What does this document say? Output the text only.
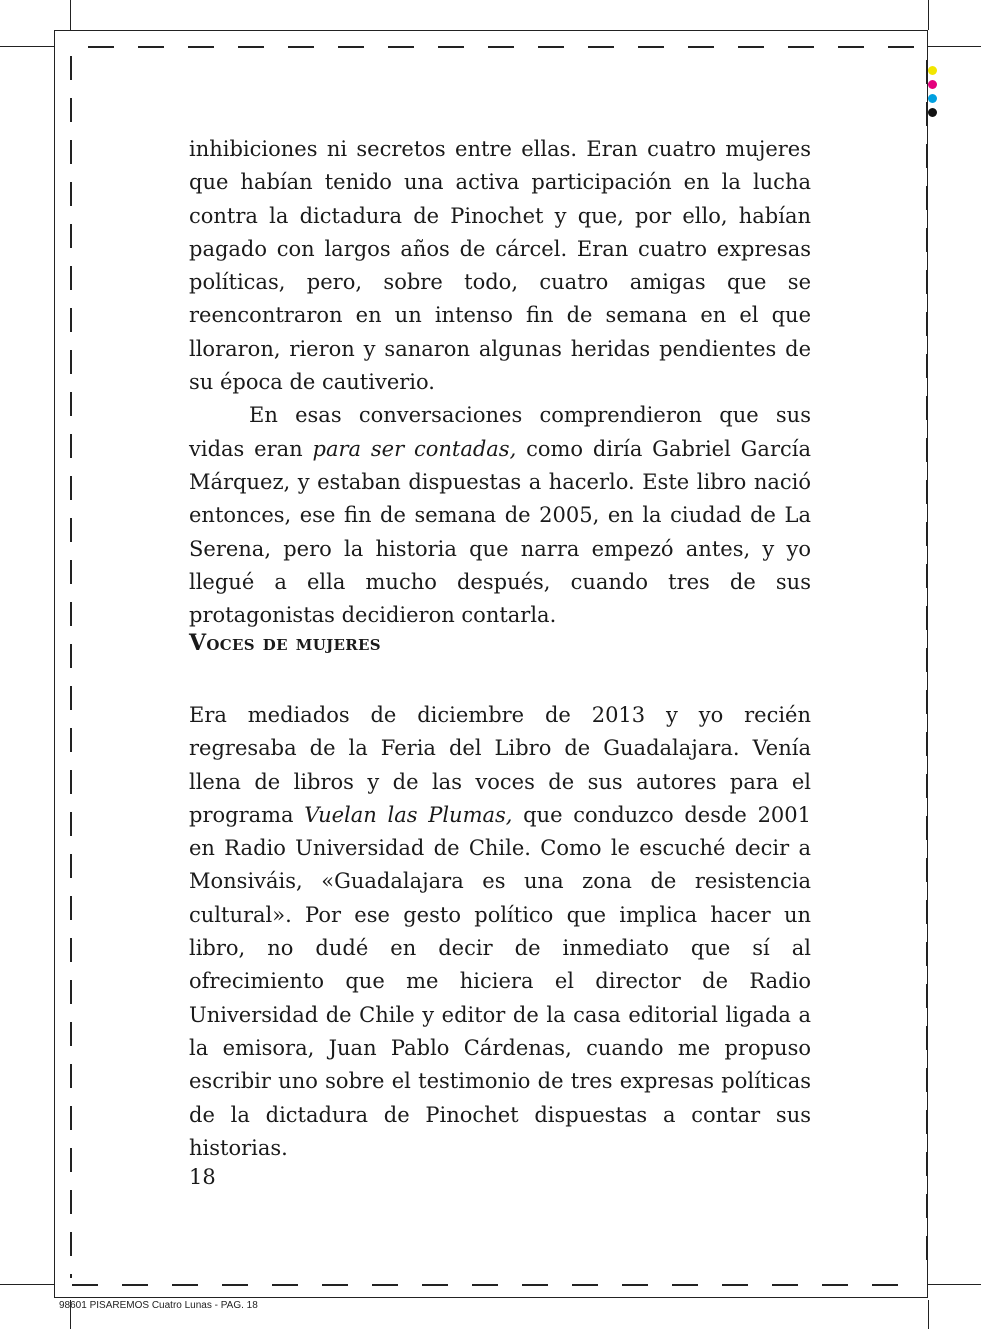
inhibiciones ni secretos entre ellas. Eran cuatro mujeres que habían tenido una activa participación en la lucha contra la dictadura de Pinochet y que, por ello, habían pagado con largos años de cárcel. Eran cuatro expresas políticas, pero, sobre todo, cuatro amigas que se reencontraron en un intenso fin de semana en el que lloraron, rieron y sanaron algunas heridas pendientes de su época de cautiverio.

En esas conversaciones comprendieron que sus vidas eran para ser contadas, como diría Gabriel García Márquez, y estaban dispuestas a hacerlo. Este libro nació entonces, ese fin de semana de 2005, en la ciudad de La Serena, pero la historia que narra empezó antes, y yo llegué a ella mucho después, cuando tres de sus protagonistas decidieron contarla.

Voces de mujeres

Era mediados de diciembre de 2013 y yo recién regresaba de la Feria del Libro de Guadalajara. Venía llena de libros y de las voces de sus autores para el programa Vuelan las Plumas, que conduzco desde 2001 en Radio Universidad de Chile. Como le escuché decir a Monsiváis, «Guadalajara es una zona de resistencia cultural». Por ese gesto político que implica hacer un libro, no dudé en decir de inmediato que sí al ofrecimiento que me hiciera el director de Radio Universidad de Chile y editor de la casa editorial ligada a la emisora, Juan Pablo Cárdenas, cuando me propuso escribir uno sobre el testimonio de tres expresas políticas de la dictadura de Pinochet dispuestas a contar sus historias.

18
98601 PISAREMOS Cuatro Lunas - PAG. 18
